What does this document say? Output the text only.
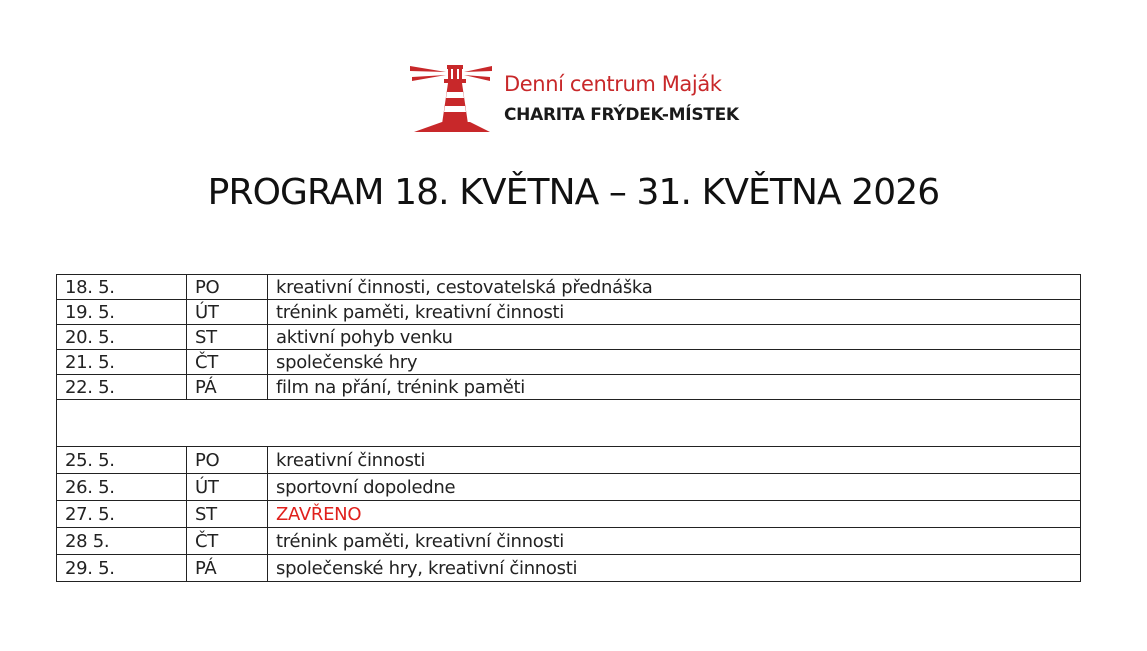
Denní centrum Maják
CHARITA FRÝDEK-MÍSTEK
PROGRAM 18. KVĚTNA – 31. KVĚTNA 2026
18. 5.	PO	kreativní činnosti, cestovatelská přednáška
19. 5.	ÚT	trénink paměti, kreativní činnosti
20. 5.	ST	aktivní pohyb venku
21. 5.	ČT	společenské hry
22. 5.	PÁ	film na přání, trénink paměti

25. 5.	PO	kreativní činnosti
26. 5.	ÚT	sportovní dopoledne
27. 5.	ST	ZAVŘENO
28 5.	ČT	trénink paměti, kreativní činnosti
29. 5.	PÁ	společenské hry, kreativní činnosti
